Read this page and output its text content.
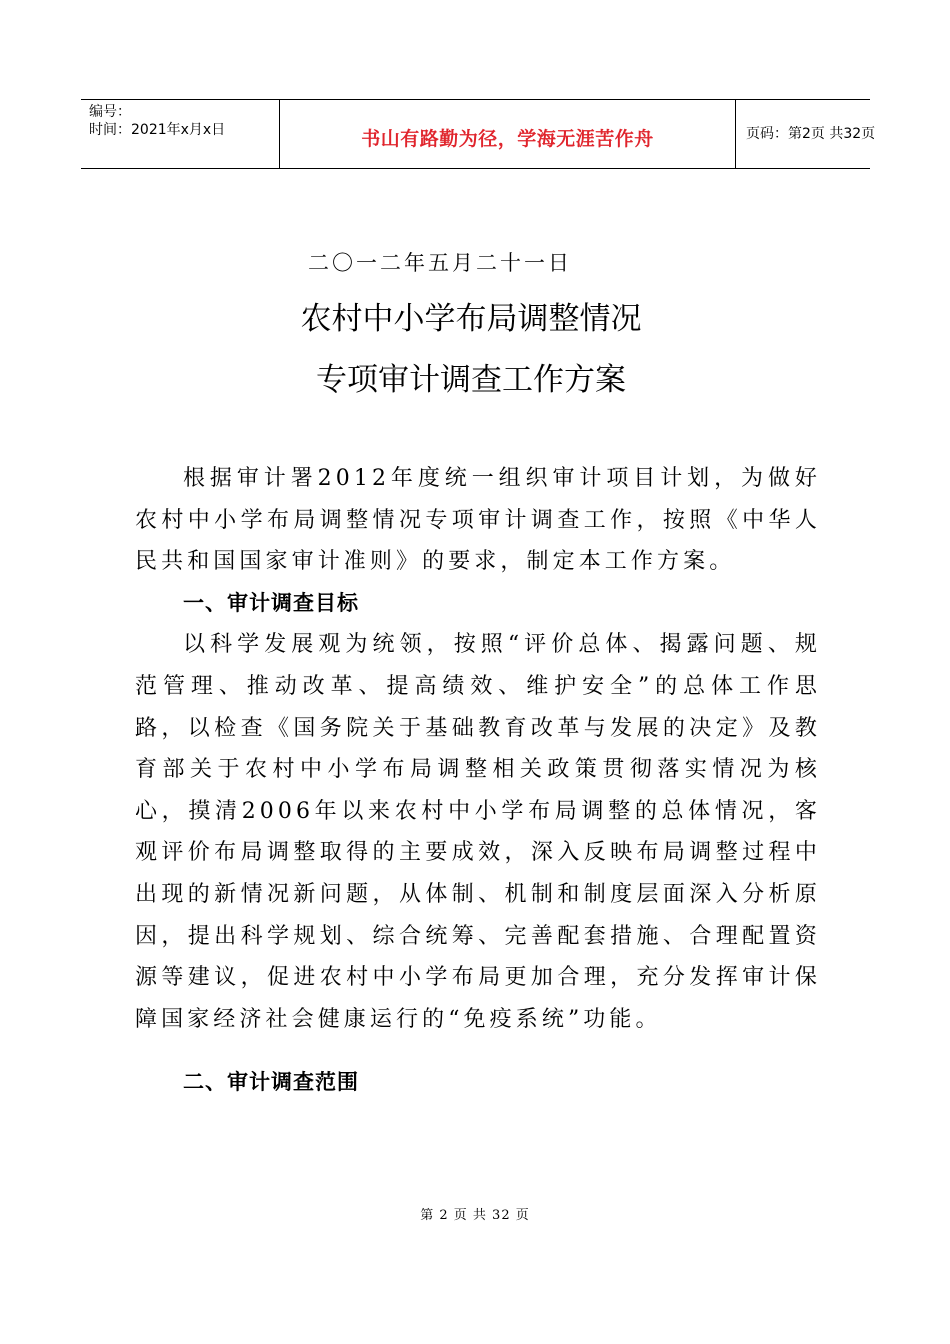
编号：
时间：2021年x月x日	书山有路勤为径，学海无涯苦作舟	页码：第2页 共32页
二〇一二年五月二十一日
农村中小学布局调整情况
专项审计调查工作方案

根据审计署2012年度统一组织审计项目计划，为做好农村中小学布局调整情况专项审计调查工作，按照《中华人民共和国国家审计准则》的要求，制定本工作方案。

一、审计调查目标

以科学发展观为统领，按照“评价总体、揭露问题、规范管理、推动改革、提高绩效、维护安全”的总体工作思路，以检查《国务院关于基础教育改革与发展的决定》及教育部关于农村中小学布局调整相关政策贯彻落实情况为核心，摸清2006年以来农村中小学布局调整的总体情况，客观评价布局调整取得的主要成效，深入反映布局调整过程中出现的新情况新问题，从体制、机制和制度层面深入分析原因，提出科学规划、综合统筹、完善配套措施、合理配置资源等建议，促进农村中小学布局更加合理，充分发挥审计保障国家经济社会健康运行的“免疫系统”功能。

二、审计调查范围
第 2 页 共 32 页
